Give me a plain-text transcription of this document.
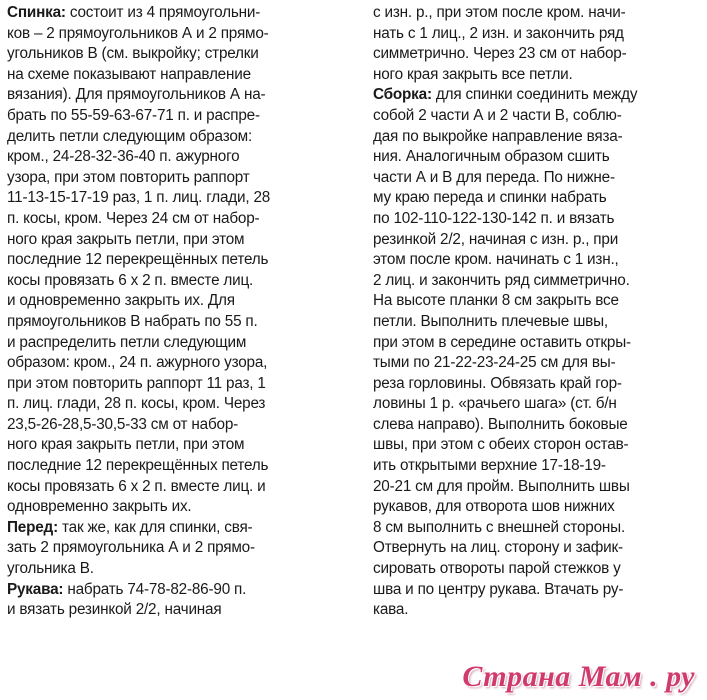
Спинка: состоит из 4 прямоугольни-
ков – 2 прямоугольников А и 2 прямо-
угольников В (см. выкройку; стрелки
на схеме показывают направление
вязания). Для прямоугольников А на-
брать по 55-59-63-67-71 п. и распре-
делить петли следующим образом:
кром., 24-28-32-36-40 п. ажурного
узора, при этом повторить раппорт
11-13-15-17-19 раз, 1 п. лиц. глади, 28
п. косы, кром. Через 24 см от набор-
ного края закрыть петли, при этом
последние 12 перекрещённых петель
косы провязать 6 х 2 п. вместе лиц.
и одновременно закрыть их. Для
прямоугольников В набрать по 55 п.
и распределить петли следующим
образом: кром., 24 п. ажурного узора,
при этом повторить раппорт 11 раз, 1
п. лиц. глади, 28 п. косы, кром. Через
23,5-26-28,5-30,5-33 см от набор-
ного края закрыть петли, при этом
последние 12 перекрещённых петель
косы провязать 6 х 2 п. вместе лиц. и
одновременно закрыть их.
Перед: так же, как для спинки, свя-
зать 2 прямоугольника А и 2 прямо-
угольника В.
Рукава: набрать 74-78-82-86-90 п.
и вязать резинкой 2/2, начиная
с изн. р., при этом после кром. начи-
нать с 1 лиц., 2 изн. и закончить ряд
симметрично. Через 23 см от набор-
ного края закрыть все петли.
Сборка: для спинки соединить между
собой 2 части А и 2 части В, соблю-
дая по выкройке направление вяза-
ния. Аналогичным образом сшить
части А и В для переда. По нижне-
му краю переда и спинки набрать
по 102-110-122-130-142 п. и вязать
резинкой 2/2, начиная с изн. р., при
этом после кром. начинать с 1 изн.,
2 лиц. и закончить ряд симметрично.
На высоте планки 8 см закрыть все
петли. Выполнить плечевые швы,
при этом в середине оставить откры-
тыми по 21-22-23-24-25 см для вы-
реза горловины. Обвязать край гор-
ловины 1 р. «рачьего шага» (ст. б/н
слева направо). Выполнить боковые
швы, при этом с обеих сторон остав-
ить открытыми верхние 17-18-19-
20-21 см для пройм. Выполнить швы
рукавов, для отворота шов нижних
8 см выполнить с внешней стороны.
Отвернуть на лиц. сторону и зафик-
сировать отвороты парой стежков у
шва и по центру рукава. Втачать ру-
кава.
Страна Мам . ру
